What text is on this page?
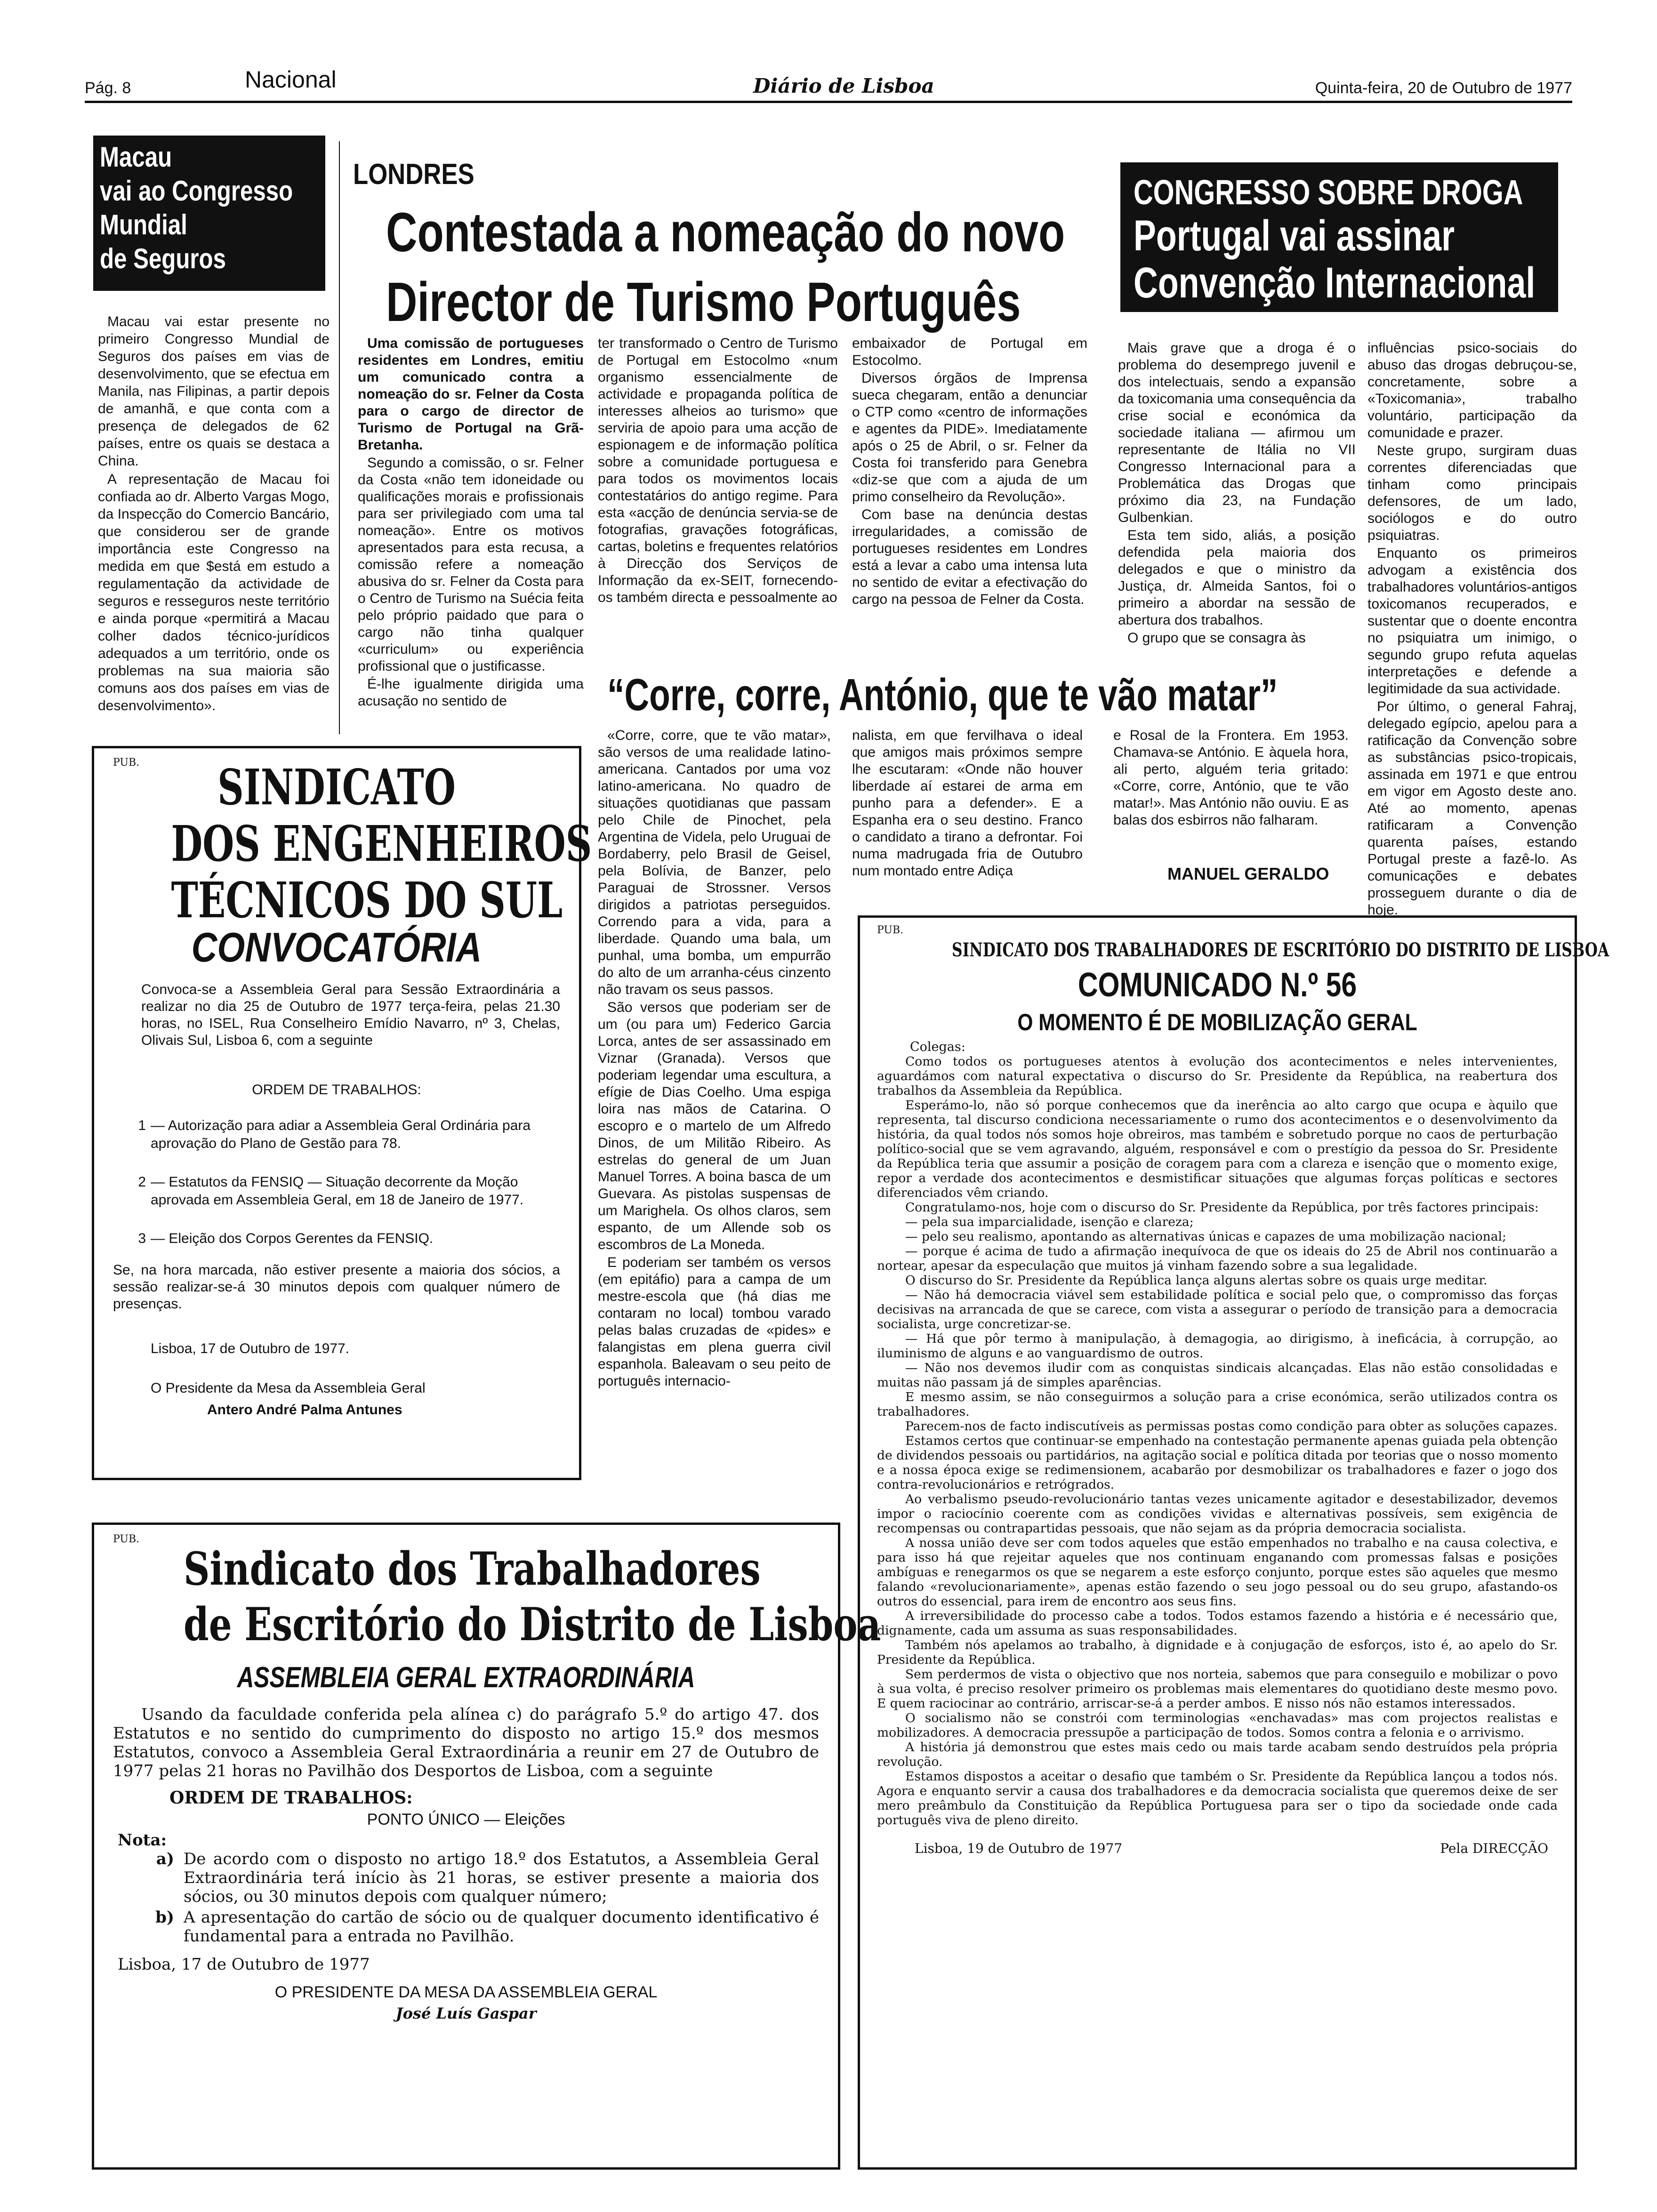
Pág. 8	Nacional	Diário de Lisboa	Quinta-feira, 20 de Outubro de 1977
Macau
vai ao Congresso
Mundial
de Seguros

Macau vai estar presente no primeiro Congresso Mundial de Seguros dos países em vias de desenvolvimento, que se efectua em Manila, nas Filipinas, a partir depois de amanhã, e que conta com a presença de delegados de 62 países, entre os quais se destaca a China.

A representação de Macau foi confiada ao dr. Alberto Vargas Mogo, da Inspecção do Comercio Bancário, que considerou ser de grande importância este Congresso na medida em que $está em estudo a regulamentação da actividade de seguros e resseguros neste território e ainda porque «permitirá a Macau colher dados técnico-jurídicos adequados a um território, onde os problemas na sua maioria são comuns aos dos países em vias de desenvolvimento».

LONDRES
Contestada a nomeação do novo
Director de Turismo Português

Uma comissão de portugueses residentes em Londres, emitiu um comunicado contra a nomeação do sr. Felner da Costa para o cargo de director de Turismo de Portugal na Grã-Bretanha.

Segundo a comissão, o sr. Felner da Costa «não tem idoneidade ou qualificações morais e profissionais para ser privilegiado com uma tal nomeação». Entre os motivos apresentados para esta recusa, a comissão refere a nomeação abusiva do sr. Felner da Costa para o Centro de Turismo na Suécia feita pelo próprio paidado que para o cargo não tinha qualquer «curriculum» ou experiência profissional que o justificasse.

É-lhe igualmente dirigida uma acusação no sentido de

ter transformado o Centro de Turismo de Portugal em Estocolmo «num organismo essencialmente de actividade e propaganda política de interesses alheios ao turismo» que serviria de apoio para uma acção de espionagem e de informação política sobre a comunidade portuguesa e para todos os movimentos locais contestatários do antigo regime. Para esta «acção de denúncia servia-se de fotografias, gravações fotográficas, cartas, boletins e frequentes relatórios à Direcção dos Serviços de Informação da ex-SEIT, fornecendo-os também directa e pessoalmente ao

embaixador de Portugal em Estocolmo.

Diversos órgãos de Imprensa sueca chegaram, então a denunciar o CTP como «centro de informações e agentes da PIDE». Imediatamente após o 25 de Abril, o sr. Felner da Costa foi transferido para Genebra «diz-se que com a ajuda de um primo conselheiro da Revolução».

Com base na denúncia destas irregularidades, a comissão de portugueses residentes em Londres está a levar a cabo uma intensa luta no sentido de evitar a efectivação do cargo na pessoa de Felner da Costa.

CONGRESSO SOBRE DROGA
Portugal vai assinar
Convenção Internacional

Mais grave que a droga é o problema do desemprego juvenil e dos intelectuais, sendo a expansão da toxicomania uma consequência da crise social e económica da sociedade italiana — afirmou um representante de Itália no VII Congresso Internacional para a Problemática das Drogas que próximo dia 23, na Fundação Gulbenkian.

Esta tem sido, aliás, a posição defendida pela maioria dos delegados e que o ministro da Justiça, dr. Almeida Santos, foi o primeiro a abordar na sessão de abertura dos trabalhos.

O grupo que se consagra às

influências psico-sociais do abuso das drogas debruçou-se, concretamente, sobre a «Toxicomania», trabalho voluntário, participação da comunidade e prazer.

Neste grupo, surgiram duas correntes diferenciadas que tinham como principais defensores, de um lado, sociólogos e do outro psiquiatras.

Enquanto os primeiros advogam a existência dos trabalhadores voluntários-antigos toxicomanos recuperados, e sustentar que o doente encontra no psiquiatra um inimigo, o segundo grupo refuta aquelas interpretações e defende a legitimidade da sua actividade.

Por último, o general Fahraj, delegado egípcio, apelou para a ratificação da Convenção sobre as substâncias psico-tropicais, assinada em 1971 e que entrou em vigor em Agosto deste ano. Até ao momento, apenas ratificaram a Convenção quarenta países, estando Portugal preste a fazê-lo. As comunicações e debates prosseguem durante o dia de hoje.

“Corre, corre, António, que te vão matar”

«Corre, corre, que te vão matar», são versos de uma realidade latino-americana. Cantados por uma voz latino-americana. No quadro de situações quotidianas que passam pelo Chile de Pinochet, pela Argentina de Videla, pelo Uruguai de Bordaberry, pelo Brasil de Geisel, pela Bolívia, de Banzer, pelo Paraguai de Strossner. Versos dirigidos a patriotas perseguidos. Correndo para a vida, para a liberdade. Quando uma bala, um punhal, uma bomba, um empurrão do alto de um arranha-céus cinzento não travam os seus passos.

São versos que poderiam ser de um (ou para um) Federico Garcia Lorca, antes de ser assassinado em Viznar (Granada). Versos que poderiam legendar uma escultura, a efígie de Dias Coelho. Uma espiga loira nas mãos de Catarina. O escopro e o martelo de um Alfredo Dinos, de um Militão Ribeiro. As estrelas do general de um Juan Manuel Torres. A boina basca de um Guevara. As pistolas suspensas de um Marighela. Os olhos claros, sem espanto, de um Allende sob os escombros de La Moneda.

E poderiam ser também os versos (em epitáfio) para a campa de um mestre-escola que (há dias me contaram no local) tombou varado pelas balas cruzadas de «pides» e falangistas em plena guerra civil espanhola. Baleavam o seu peito de português internacio-

nalista, em que fervilhava o ideal que amigos mais próximos sempre lhe escutaram: «Onde não houver liberdade aí estarei de arma em punho para a defender». E a Espanha era o seu destino. Franco o candidato a tirano a defrontar. Foi numa madrugada fria de Outubro num montado entre Adiça

e Rosal de la Frontera. Em 1953. Chamava-se António. E àquela hora, ali perto, alguém teria gritado: «Corre, corre, António, que te vão matar!». Mas António não ouviu. E as balas dos esbirros não falharam.

MANUEL GERALDO
PUB.	SINDICATO
DOS ENGENHEIROS
TÉCNICOS DO SUL
CONVOCATÓRIA
Convoca-se a Assembleia Geral para Sessão Extraordinária a realizar no dia 25 de Outubro de 1977 terça-feira, pelas 21.30 horas, no ISEL, Rua Conselheiro Emídio Navarro, nº 3, Chelas, Olivais Sul, Lisboa 6, com a seguinte
ORDEM DE TRABALHOS:
1 — Autorização para adiar a Assembleia Geral Ordinária para aprovação do Plano de Gestão para 78.
2 — Estatutos da FENSIQ — Situação decorrente da Moção aprovada em Assembleia Geral, em 18 de Janeiro de 1977.
3 — Eleição dos Corpos Gerentes da FENSIQ.
Se, na hora marcada, não estiver presente a maioria dos sócios, a sessão realizar-se-á 30 minutos depois com qualquer número de presenças.
Lisboa, 17 de Outubro de 1977.
O Presidente da Mesa da Assembleia Geral
Antero André Palma Antunes
PUB.
Sindicato dos Trabalhadores
de Escritório do Distrito de Lisboa
ASSEMBLEIA GERAL EXTRAORDINÁRIA
Usando da faculdade conferida pela alínea c) do parágrafo 5.º do artigo 47. dos Estatutos e no sentido do cumprimento do disposto no artigo 15.º dos mesmos Estatutos, convoco a Assembleia Geral Extraordinária a reunir em 27 de Outubro de 1977 pelas 21 horas no Pavilhão dos Desportos de Lisboa, com a seguinte
ORDEM DE TRABALHOS:
PONTO ÚNICO — Eleições
Nota:
a) De acordo com o disposto no artigo 18.º dos Estatutos, a Assembleia Geral Extraordinária terá início às 21 horas, se estiver presente a maioria dos sócios, ou 30 minutos depois com qualquer número;
b) A apresentação do cartão de sócio ou de qualquer documento identificativo é fundamental para a entrada no Pavilhão.
Lisboa, 17 de Outubro de 1977
O PRESIDENTE DA MESA DA ASSEMBLEIA GERAL
José Luís Gaspar
PUB.
SINDICATO DOS TRABALHADORES DE ESCRITÓRIO DO DISTRITO DE LISBOA
COMUNICADO N.º 56
O MOMENTO É DE MOBILIZAÇÃO GERAL
Colegas:

Como todos os portugueses atentos à evolução dos acontecimentos e neles intervenientes, aguardámos com natural expectativa o discurso do Sr. Presidente da República, na reabertura dos trabalhos da Assembleia da República.

Esperámo-lo, não só porque conhecemos que da inerência ao alto cargo que ocupa e àquilo que representa, tal discurso condiciona necessariamente o rumo dos acontecimentos e o desenvolvimento da história, da qual todos nós somos hoje obreiros, mas também e sobretudo porque no caos de perturbação político-social que se vem agravando, alguém, responsável e com o prestígio da pessoa do Sr. Presidente da República teria que assumir a posição de coragem para com a clareza e isenção que o momento exige, repor a verdade dos acontecimentos e desmistificar situações que algumas forças políticas e sectores diferenciados vêm criando.

Congratulamo-nos, hoje com o discurso do Sr. Presidente da República, por três factores principais:

— pela sua imparcialidade, isenção e clareza;

— pelo seu realismo, apontando as alternativas únicas e capazes de uma mobilização nacional;

— porque é acima de tudo a afirmação inequívoca de que os ideais do 25 de Abril nos continuarão a nortear, apesar da especulação que muitos já vinham fazendo sobre a sua legalidade.

O discurso do Sr. Presidente da República lança alguns alertas sobre os quais urge meditar.

— Não há democracia viável sem estabilidade política e social pelo que, o compromisso das forças decisivas na arrancada de que se carece, com vista a assegurar o período de transição para a democracia socialista, urge concretizar-se.

— Há que pôr termo à manipulação, à demagogia, ao dirigismo, à ineficácia, à corrupção, ao iluminismo de alguns e ao vanguardismo de outros.

— Não nos devemos iludir com as conquistas sindicais alcançadas. Elas não estão consolidadas e muitas não passam já de simples aparências.

E mesmo assim, se não conseguirmos a solução para a crise económica, serão utilizados contra os trabalhadores.

Parecem-nos de facto indiscutíveis as permissas postas como condição para obter as soluções capazes.

Estamos certos que continuar-se empenhado na contestação permanente apenas guiada pela obtenção de dividendos pessoais ou partidários, na agitação social e política ditada por teorias que o nosso momento e a nossa época exige se redimensionem, acabarão por desmobilizar os trabalhadores e fazer o jogo dos contra-revolucionários e retrógrados.

Ao verbalismo pseudo-revolucionário tantas vezes unicamente agitador e desestabilizador, devemos impor o raciocínio coerente com as condições vividas e alternativas possíveis, sem exigência de recompensas ou contrapartidas pessoais, que não sejam as da própria democracia socialista.

A nossa união deve ser com todos aqueles que estão empenhados no trabalho e na causa colectiva, e para isso há que rejeitar aqueles que nos continuam enganando com promessas falsas e posições ambíguas e renegarmos os que se negarem a este esforço conjunto, porque estes são aqueles que mesmo falando «revolucionariamente», apenas estão fazendo o seu jogo pessoal ou do seu grupo, afastando-os outros do essencial, para irem de encontro aos seus fins.

A irreversibilidade do processo cabe a todos. Todos estamos fazendo a história e é necessário que, dignamente, cada um assuma as suas responsabilidades.

Também nós apelamos ao trabalho, à dignidade e à conjugação de esforços, isto é, ao apelo do Sr. Presidente da República.

Sem perdermos de vista o objectivo que nos norteia, sabemos que para conseguilo e mobilizar o povo à sua volta, é preciso resolver primeiro os problemas mais elementares do quotidiano deste mesmo povo. E quem raciocinar ao contrário, arriscar-se-á a perder ambos. E nisso nós não estamos interessados.

O socialismo não se constrói com terminologias «enchavadas» mas com projectos realistas e mobilizadores. A democracia pressupõe a participação de todos. Somos contra a felonia e o arrivismo.

A história já demonstrou que estes mais cedo ou mais tarde acabam sendo destruídos pela própria revolução.

Estamos dispostos a aceitar o desafio que também o Sr. Presidente da República lançou a todos nós. Agora e enquanto servir a causa dos trabalhadores e da democracia socialista que queremos deixe de ser mero preâmbulo da Constituição da República Portuguesa para ser o tipo da sociedade onde cada português viva de pleno direito.

Lisboa, 19 de Outubro de 1977	Pela DIRECÇÃO
